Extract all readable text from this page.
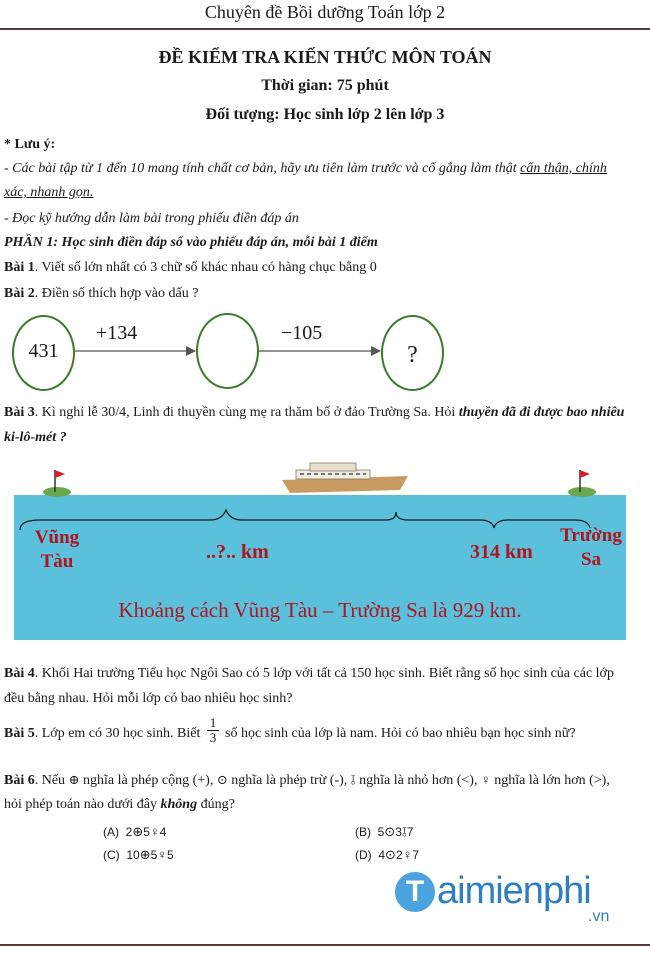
Chuyên đề Bồi dưỡng Toán lớp 2
ĐỀ KIỂM TRA KIẾN THỨC MÔN TOÁN
Thời gian: 75 phút
Đối tượng: Học sinh lớp 2 lên lớp 3
* Lưu ý:
- Các bài tập từ 1 đến 10 mang tính chất cơ bản, hãy ưu tiên làm trước và cố gắng làm thật cẩn thận, chính
xác, nhanh gọn.
- Đọc kỹ hướng dẫn làm bài trong phiếu điền đáp án
PHẦN 1: Học sinh điền đáp số vào phiếu đáp án, mỗi bài 1 điểm
Bài 1. Viết số lớn nhất có 3 chữ số khác nhau có hàng chục bằng 0
Bài 2. Điền số thích hợp vào dấu ?
431	?
+134	−105
Bài 3. Kì nghỉ lễ 30/4, Linh đi thuyền cùng mẹ ra thăm bố ở đảo Trường Sa. Hỏi thuyền đã đi được bao nhiêu
ki-lô-mét ?
Vũng
Tàu
Trường
Sa
..?.. km	314 km
Khoảng cách Vũng Tàu – Trường Sa là 929 km.
Bài 4. Khối Hai trường Tiểu học Ngôi Sao có 5 lớp với tất cả 150 học sinh. Biết rằng số học sinh của các lớp
đều bằng nhau. Hỏi mỗi lớp có bao nhiêu học sinh?
Bài 5. Lớp em có 30 học sinh. Biết $\frac{1}{3}$ số học sinh của lớp là nam. Hỏi có bao nhiêu bạn học sinh nữ?
Bài 6. Nếu ⊕ nghĩa là phép cộng (+), ⊙ nghĩa là phép trừ (-), ⫱ nghĩa là nhỏ hơn (<), ♀ nghĩa là lớn hơn (>),
hỏi phép toán nào dưới đây không đúng?
(A) 2⊕5♀4	(B) 5⊙3⫱7
(C) 10⊕5♀5	(D) 4⊙2♀7
T aimienphi
.vn
